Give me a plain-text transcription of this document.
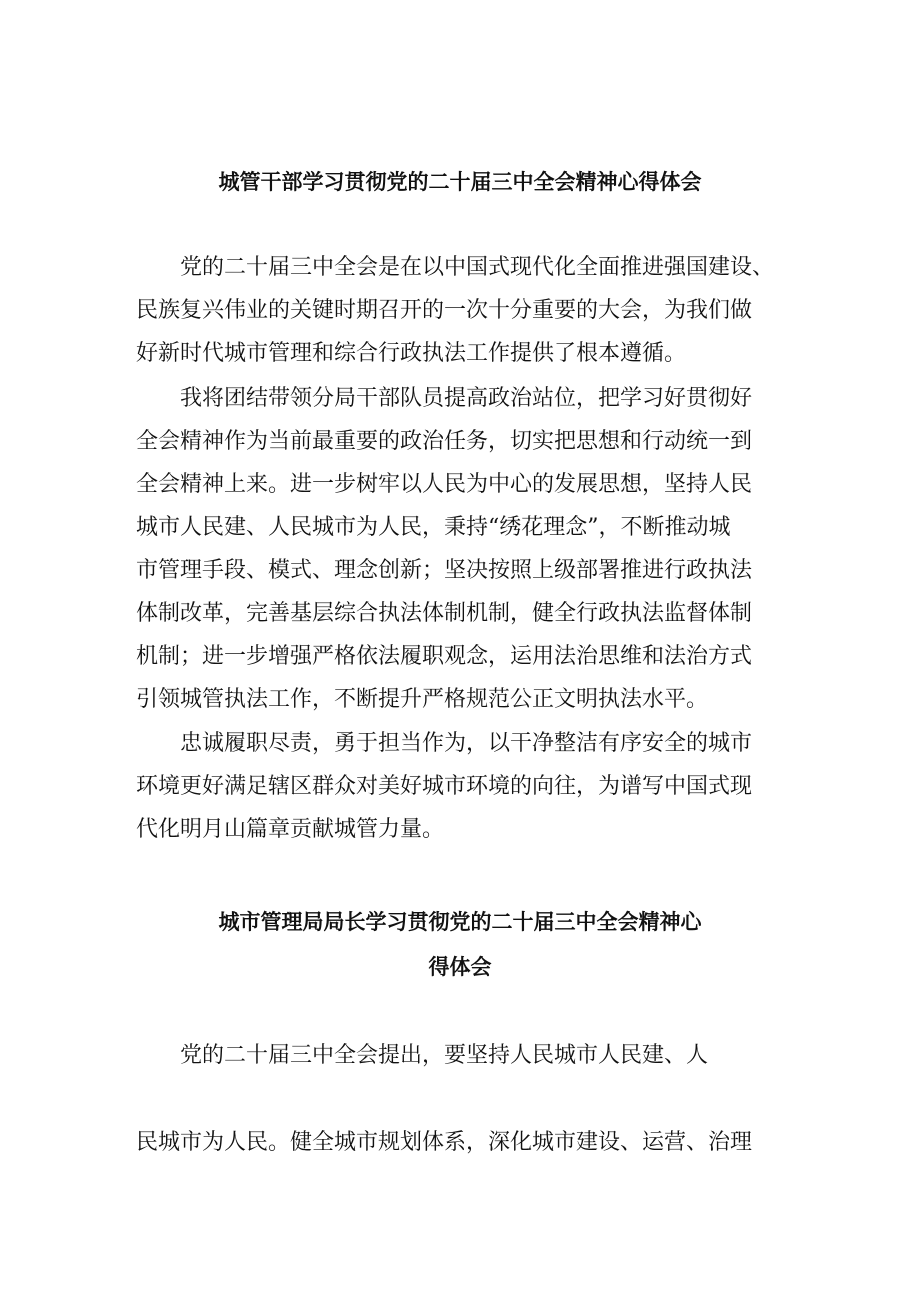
城管干部学习贯彻党的二十届三中全会精神心得体会
党的二十届三中全会是在以中国式现代化全面推进强国建设、
民族复兴伟业的关键时期召开的一次十分重要的大会，为我们做
好新时代城市管理和综合行政执法工作提供了根本遵循。
我将团结带领分局干部队员提高政治站位，把学习好贯彻好
全会精神作为当前最重要的政治任务，切实把思想和行动统一到
全会精神上来。进一步树牢以人民为中心的发展思想，坚持人民
城市人民建、人民城市为人民，秉持“绣花理念”，不断推动城
市管理手段、模式、理念创新；坚决按照上级部署推进行政执法
体制改革，完善基层综合执法体制机制，健全行政执法监督体制
机制；进一步增强严格依法履职观念，运用法治思维和法治方式
引领城管执法工作，不断提升严格规范公正文明执法水平。
忠诚履职尽责，勇于担当作为，以干净整洁有序安全的城市
环境更好满足辖区群众对美好城市环境的向往，为谱写中国式现
代化明月山篇章贡献城管力量。
城市管理局局长学习贯彻党的二十届三中全会精神心
得体会
党的二十届三中全会提出，要坚持人民城市人民建、人
民城市为人民。健全城市规划体系，深化城市建设、运营、治理
